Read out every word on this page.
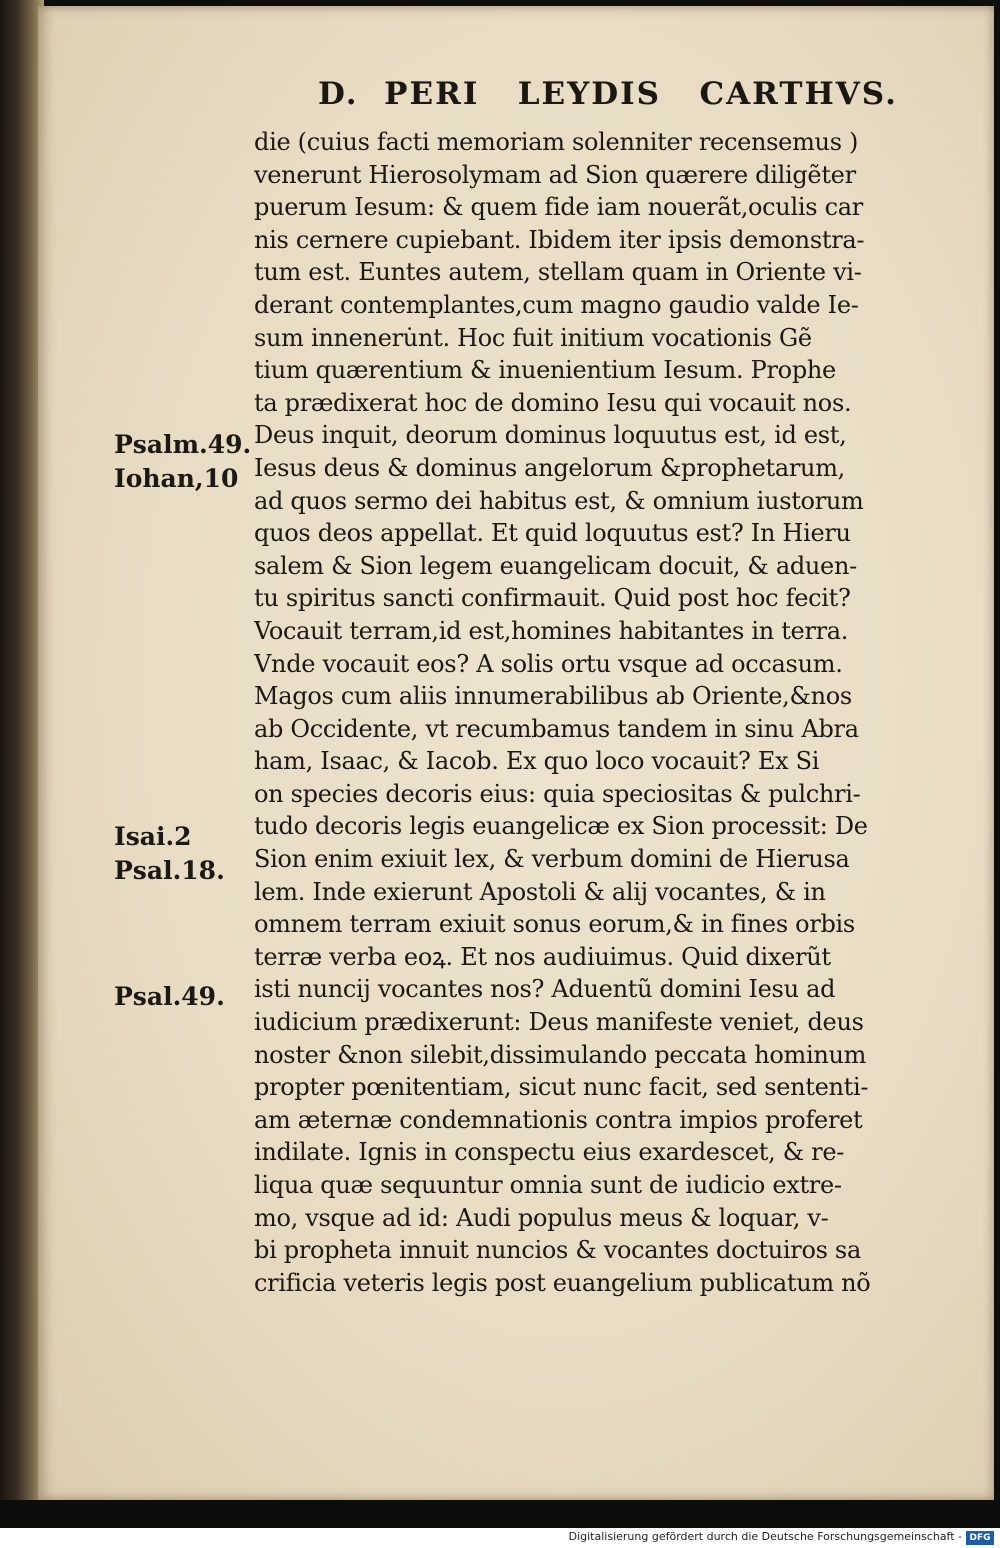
D.  PERI   LEYDIS   CARTHVS.

die (cuius facti memoriam solenniter recensemus )
venerunt Hierosolymam ad Sion quærere diligẽter
puerum Iesum: & quem fide iam nouerãt,oculis car
nis cernere cupiebant. Ibidem iter ipsis demonstra-
tum est. Euntes autem, stellam quam in Oriente vi-
derant contemplantes,cum magno gaudio valde Ie-
sum inneneru̇nt. Hoc fuit initium vocationis Gẽ
tium quærentium & inuenientium Iesum. Prophe
ta prædixerat hoc de domino Iesu qui vocauit nos.
Deus inquit, deorum dominus loquutus est, id est,
Iesus deus & dominus angelorum &prophetarum,
ad quos sermo dei habitus est, & omnium iustorum
quos deos appellat. Et quid loquutus est? In Hieru
salem & Sion legem euangelicam docuit, & aduen-
tu spiritus sancti confirmauit. Quid post hoc fecit?
Vocauit terram,id est,homines habitantes in terra.
Vnde vocauit eos? A solis ortu vsque ad occasum.
Magos cum aliis innumerabilibus ab Oriente,&nos
ab Occidente, vt recumbamus tandem in sinu Abra
ham, Isaac, & Iacob. Ex quo loco vocauit? Ex Si
on species decoris eius: quia speciositas & pulchri-
tudo decoris legis euangelicæ ex Sion processit: De
Sion enim exiuit lex, & verbum domini de Hierusa
lem. Inde exierunt Apostoli & alij vocantes, & in
omnem terram exiuit sonus eorum,& in fines orbis
terræ verba eoꝝ. Et nos audiuimus. Quid dixerũt
isti nuncij vocantes nos? Aduentũ domini Iesu ad
iudicium prædixerunt: Deus manifeste veniet, deus
noster &non silebit,dissimulando peccata hominum
propter pœnitentiam, sicut nunc facit, sed sententi-
am æternæ condemnationis contra impios proferet
indilate. Ignis in conspectu eius exardescet, & re-
liqua quæ sequuntur omnia sunt de iudicio extre-
mo, vsque ad id: Audi populus meus & loquar, v-
bi propheta innuit nuncios & vocantes doctuiros sa
crificia veteris legis post euangelium publicatum nõ
Psalm.49.
Iohan,10
Isai.2
Psal.18.
Psal.49.
Digitalisierung gefördert durch die Deutsche Forschungsgemeinschaft - DFG
